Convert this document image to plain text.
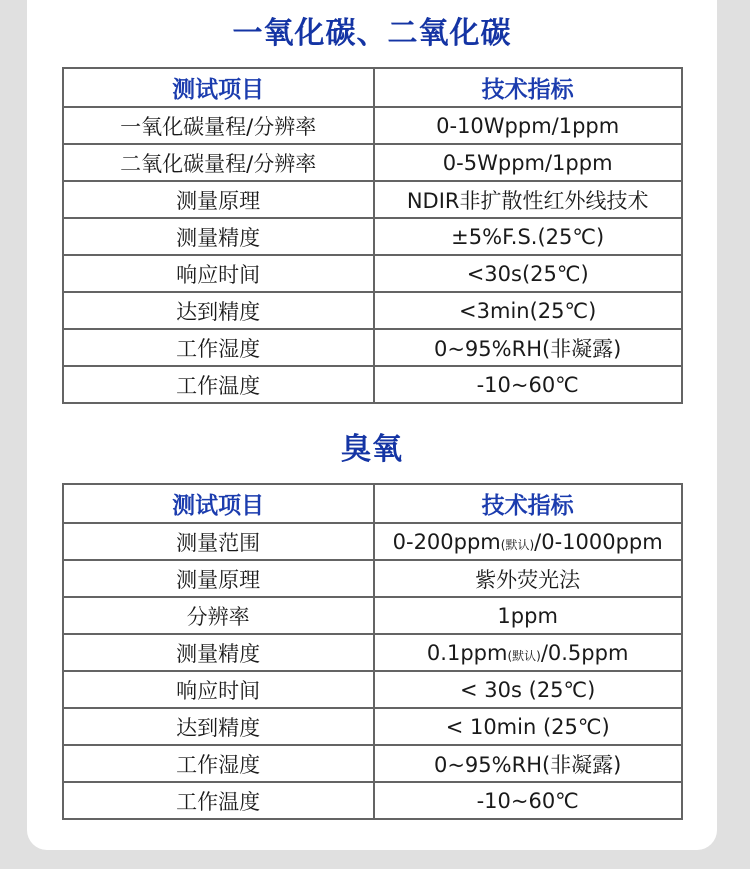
一氧化碳、二氧化碳
测试项目	技术指标
一氧化碳量程/分辨率	0-10Wppm/1ppm
二氧化碳量程/分辨率	0-5Wppm/1ppm
测量原理	NDIR非扩散性红外线技术
测量精度	±5%F.S.(25℃)
响应时间	<30s(25℃)
达到精度	<3min(25℃)
工作湿度	0~95%RH(非凝露)
工作温度	-10~60℃
臭氧
测试项目	技术指标
测量范围	0-200ppm(默认)/0-1000ppm
测量原理	紫外荧光法
分辨率	1ppm
测量精度	0.1ppm(默认)/0.5ppm
响应时间	< 30s (25℃)
达到精度	< 10min (25℃)
工作湿度	0~95%RH(非凝露)
工作温度	-10~60℃
